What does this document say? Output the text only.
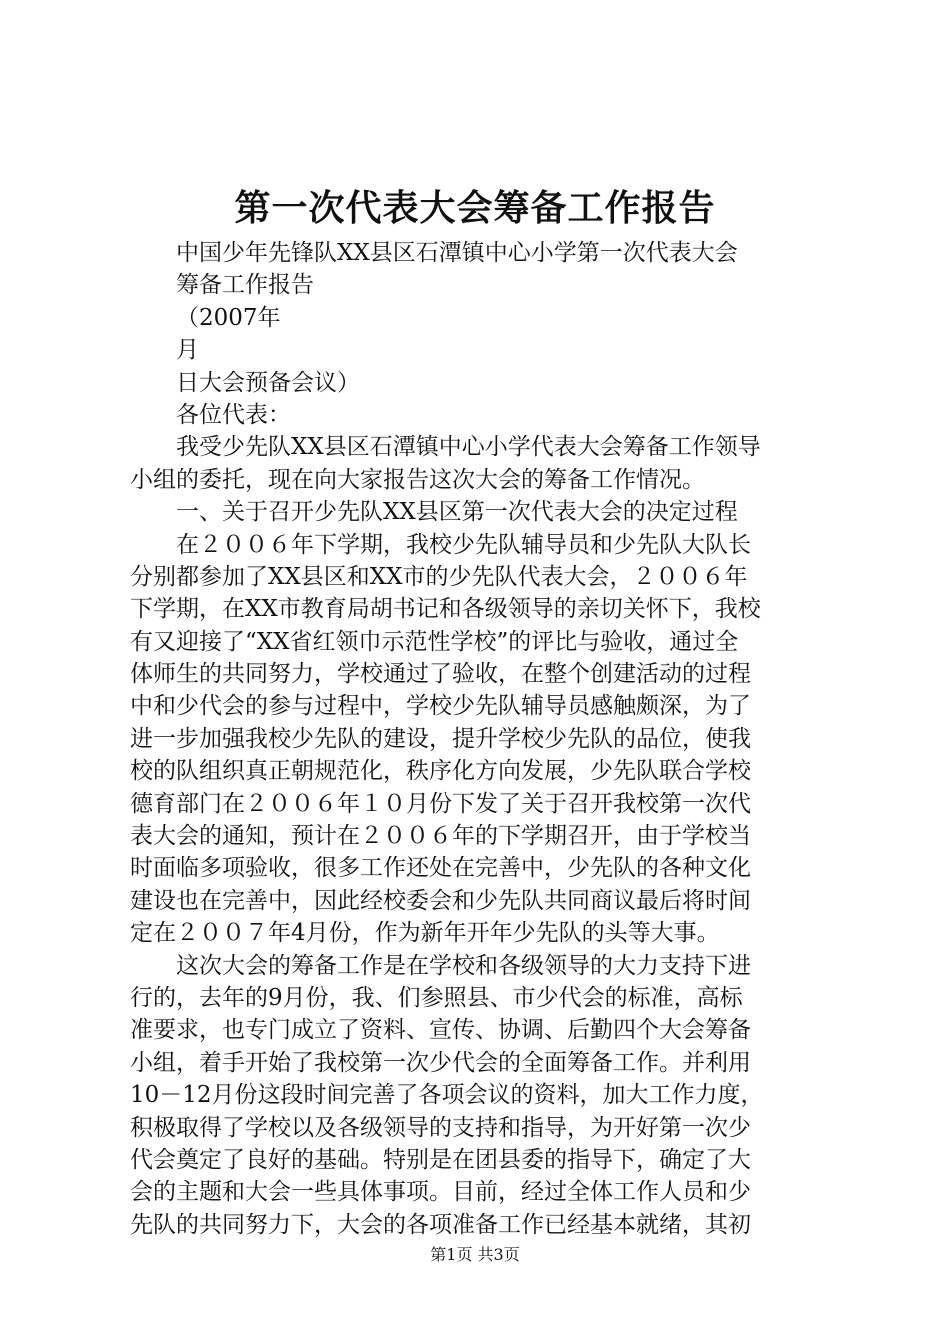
第一次代表大会筹备工作报告
中国少年先锋队XX县区石潭镇中心小学第一次代表大会
筹备工作报告
（2007年
月
日大会预备会议）
各位代表：
我受少先队XX县区石潭镇中心小学代表大会筹备工作领导
小组的委托，现在向大家报告这次大会的筹备工作情况。
一、关于召开少先队XX县区第一次代表大会的决定过程
在２００６年下学期，我校少先队辅导员和少先队大队长
分别都参加了XX县区和XX市的少先队代表大会，２００６年
下学期，在XX市教育局胡书记和各级领导的亲切关怀下，我校
有又迎接了“XX省红领巾示范性学校”的评比与验收，通过全
体师生的共同努力，学校通过了验收，在整个创建活动的过程
中和少代会的参与过程中，学校少先队辅导员感触颇深，为了
进一步加强我校少先队的建设，提升学校少先队的品位，使我
校的队组织真正朝规范化，秩序化方向发展，少先队联合学校
德育部门在２００６年１０月份下发了关于召开我校第一次代
表大会的通知，预计在２００６年的下学期召开，由于学校当
时面临多项验收，很多工作还处在完善中，少先队的各种文化
建设也在完善中，因此经校委会和少先队共同商议最后将时间
定在２００７年4月份，作为新年开年少先队的头等大事。
这次大会的筹备工作是在学校和各级领导的大力支持下进
行的，去年的9月份，我、们参照县、市少代会的标准，高标
准要求，也专门成立了资料、宣传、协调、后勤四个大会筹备
小组，着手开始了我校第一次少代会的全面筹备工作。并利用
10－12月份这段时间完善了各项会议的资料，加大工作力度，
积极取得了学校以及各级领导的支持和指导，为开好第一次少
代会奠定了良好的基础。特别是在团县委的指导下，确定了大
会的主题和大会一些具体事项。目前，经过全体工作人员和少
先队的共同努力下，大会的各项准备工作已经基本就绪，其初
第1页 共3页
